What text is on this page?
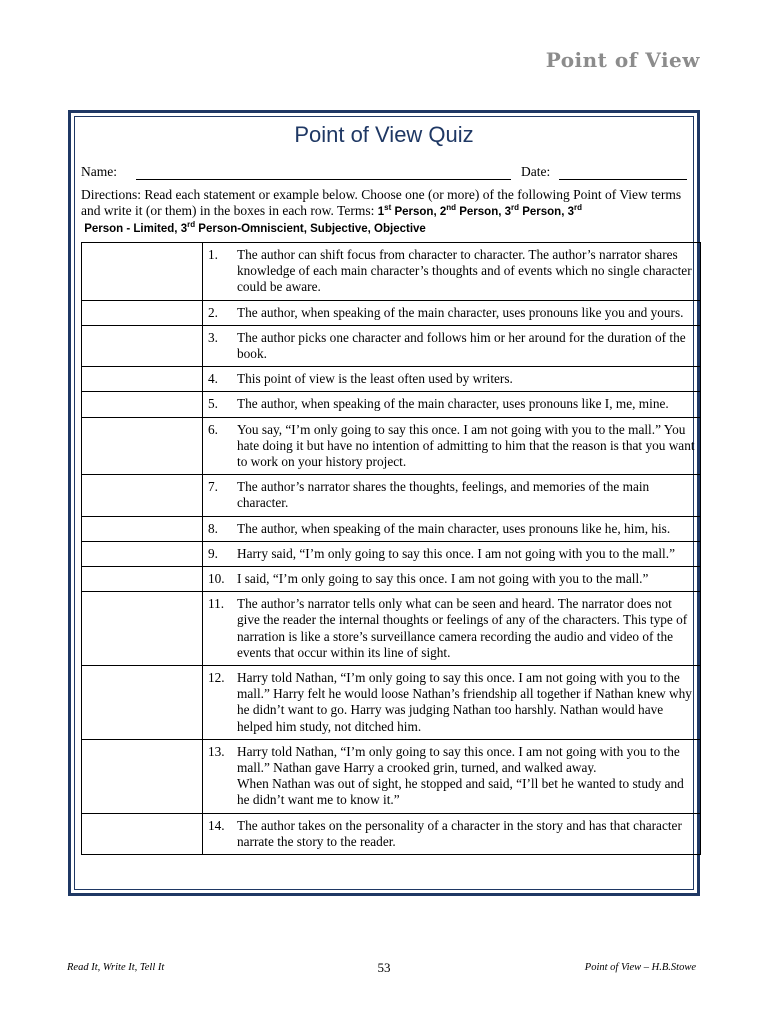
Point of View
Point of View Quiz
Name:	Date:
Directions: Read each statement or example below. Choose one (or more) of the following Point of View terms and write it (or them) in the boxes in each row. Terms: 1st Person, 2nd Person, 3rd Person, 3rd Person - Limited, 3rd Person-Omniscient, Subjective, Objective

	1. The author can shift focus from character to character. The author’s narrator shares knowledge of each main character’s thoughts and of events which no single character could be aware.

	2. The author, when speaking of the main character, uses pronouns like you and yours.

	3. The author picks one character and follows him or her around for the duration of the book.

	4. This point of view is the least often used by writers.

	5. The author, when speaking of the main character, uses pronouns like I, me, mine.

	6. You say, “I’m only going to say this once. I am not going with you to the mall.” You hate doing it but have no intention of admitting to him that the reason is that you want to work on your history project.

	7. The author’s narrator shares the thoughts, feelings, and memories of the main character.

	8. The author, when speaking of the main character, uses pronouns like he, him, his.

	9. Harry said, “I’m only going to say this once. I am not going with you to the mall.”

	10. I said, “I’m only going to say this once. I am not going with you to the mall.”

	11. The author’s narrator tells only what can be seen and heard. The narrator does not give the reader the internal thoughts or feelings of any of the characters. This type of narration is like a store’s surveillance camera recording the audio and video of the events that occur within its line of sight.

	12. Harry told Nathan, “I’m only going to say this once. I am not going with you to the mall.” Harry felt he would loose Nathan’s friendship all together if Nathan knew why he didn’t want to go. Harry was judging Nathan too harshly. Nathan would have helped him study, not ditched him.

	13. Harry told Nathan, “I’m only going to say this once. I am not going with you to the mall.” Nathan gave Harry a crooked grin, turned, and walked away.
When Nathan was out of sight, he stopped and said, “I’ll bet he wanted to study and he didn’t want me to know it.”

	14. The author takes on the personality of a character in the story and has that character narrate the story to the reader.
Read It, Write It, Tell It	53	Point of View – H.B.Stowe
